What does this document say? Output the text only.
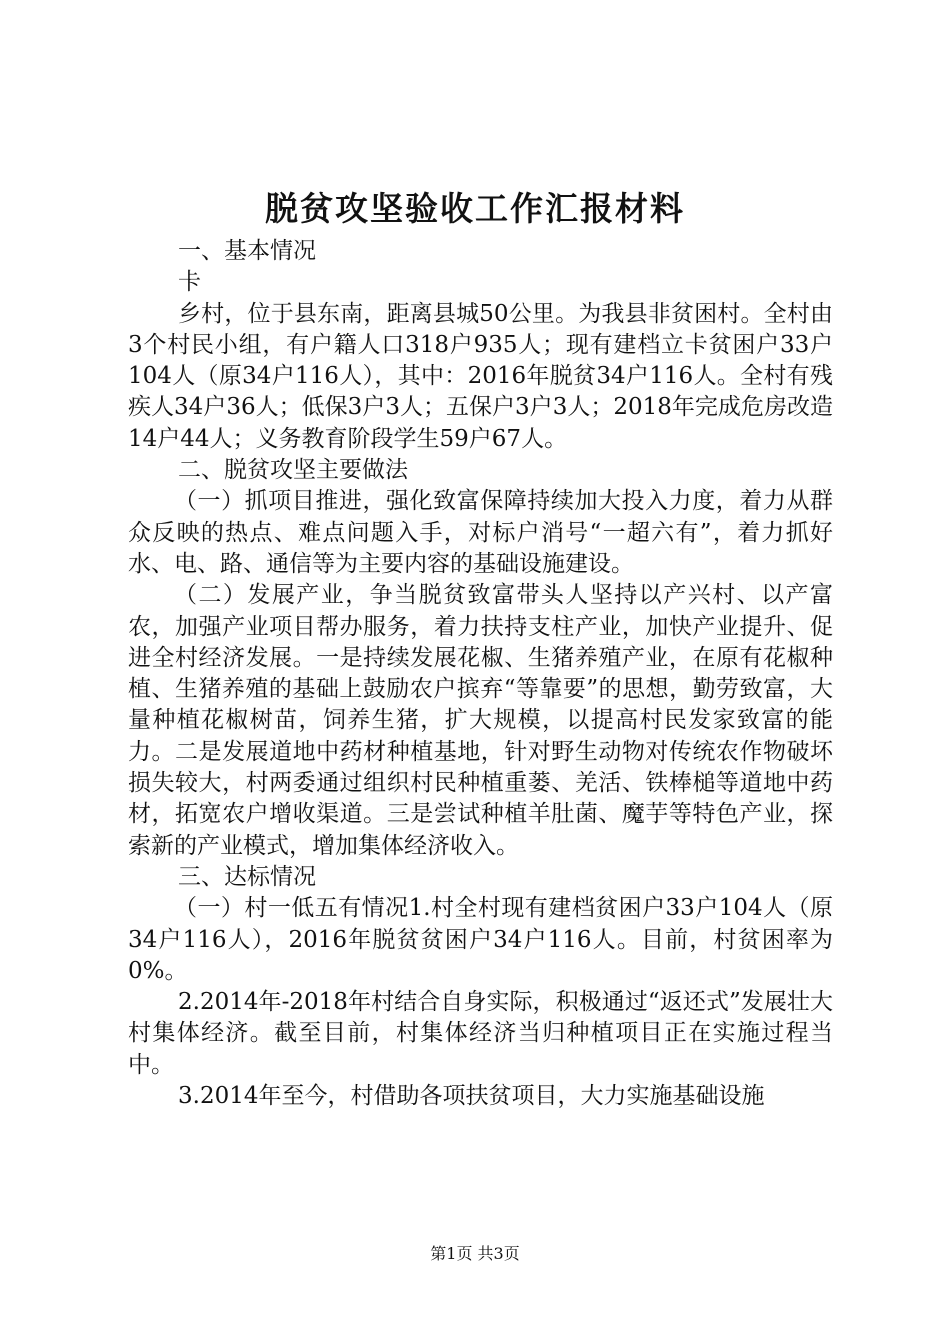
脱贫攻坚验收工作汇报材料

一、基本情况

卡

乡村，位于县东南，距离县城50公里。为我县非贫困村。全村由3个村民小组，有户籍人口318户935人；现有建档立卡贫困户33户104人（原34户116人），其中：2016年脱贫34户116人。全村有残疾人34户36人；低保3户3人；五保户3户3人；2018年完成危房改造14户44人；义务教育阶段学生59户67人。

二、脱贫攻坚主要做法

（一）抓项目推进，强化致富保障持续加大投入力度，着力从群众反映的热点、难点问题入手，对标户消号“一超六有”，着力抓好水、电、路、通信等为主要内容的基础设施建设。

（二）发展产业，争当脱贫致富带头人坚持以产兴村、以产富农，加强产业项目帮办服务，着力扶持支柱产业，加快产业提升、促进全村经济发展。一是持续发展花椒、生猪养殖产业，在原有花椒种植、生猪养殖的基础上鼓励农户摈弃“等靠要”的思想，勤劳致富，大量种植花椒树苗，饲养生猪，扩大规模，以提高村民发家致富的能力。二是发展道地中药材种植基地，针对野生动物对传统农作物破坏损失较大，村两委通过组织村民种植重蒌、羌活、铁棒槌等道地中药材，拓宽农户增收渠道。三是尝试种植羊肚菌、魔芋等特色产业，探索新的产业模式，增加集体经济收入。

三、达标情况

（一）村一低五有情况1.村全村现有建档贫困户33户104人（原34户116人），2016年脱贫贫困户34户116人。目前，村贫困率为0%。

2.2014年-2018年村结合自身实际，积极通过“返还式”发展壮大村集体经济。截至目前，村集体经济当归种植项目正在实施过程当中。

3.2014年至今，村借助各项扶贫项目，大力实施基础设施

第1页 共3页
